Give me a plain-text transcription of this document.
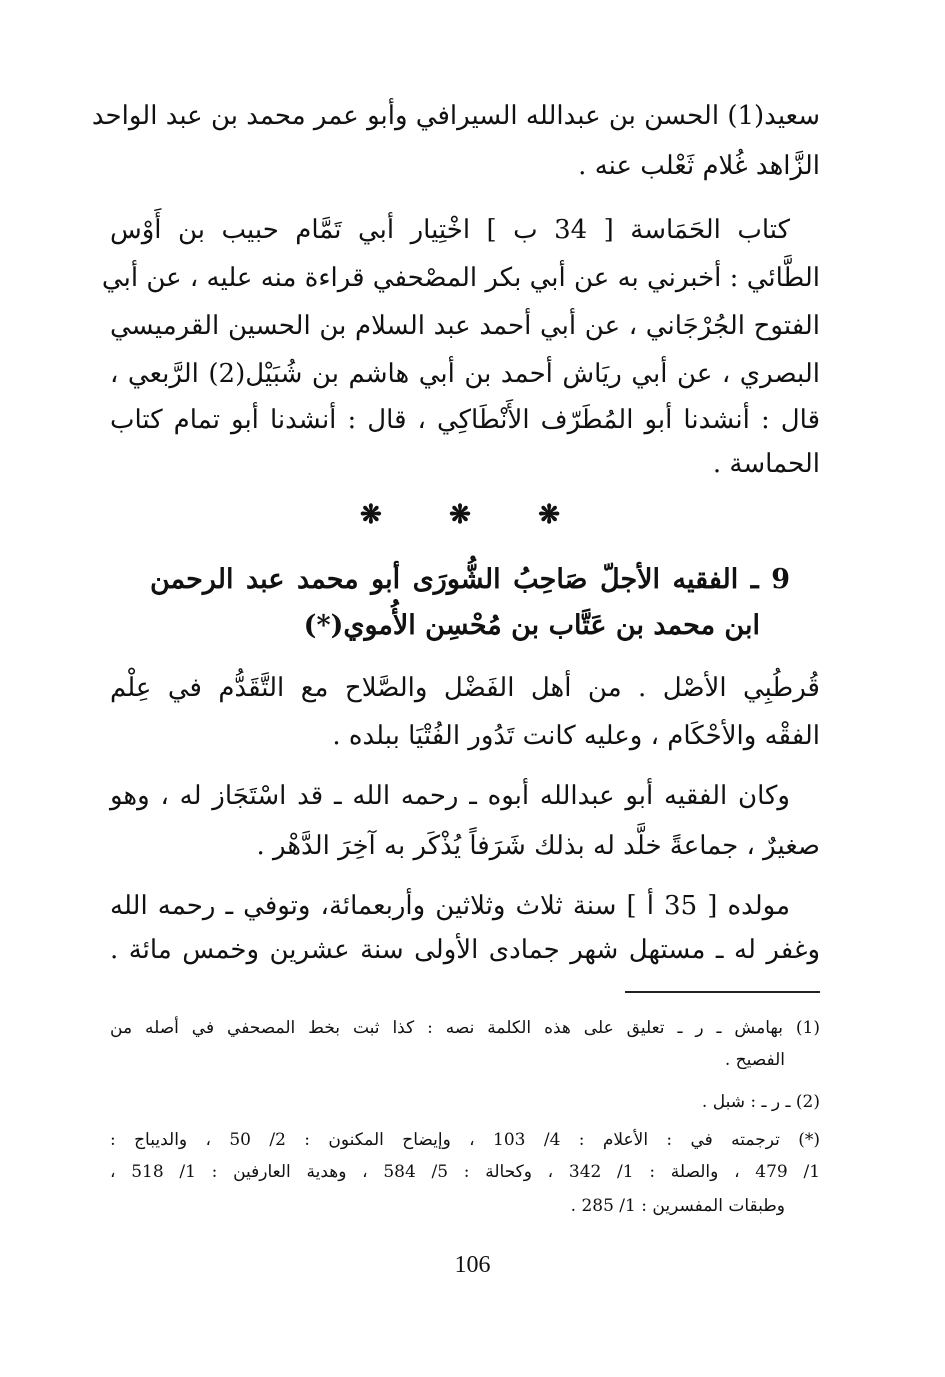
سعيد(1) الحسن بن عبدالله السيرافي وأبو عمر محمد بن عبد الواحد
الزَّاهد غُلام ثَعْلب عنه .
كتاب الحَمَاسة [ 34 ب ] اخْتِيار أبي تَمَّام حبيب بن أَوْس
الطَّائي : أخبرني به عن أبي بكر المصْحفي قراءة منه عليه ، عن أبي
الفتوح الجُرْجَاني ، عن أبي أحمد عبد السلام بن الحسين القرميسي
البصري ، عن أبي ريَاش أحمد بن أبي هاشم بن شُبَيْل(2) الرَّبعي ،
قال : أنشدنا أبو المُطَرّف الأَنْطَاكِي ، قال : أنشدنا أبو تمام كتاب
الحماسة .
❋	❋	❋
9 ـ الفقيه الأجلّ صَاحِبُ الشُّورَى أبو محمد عبد الرحمن
ابن محمد بن عَتَّاب بن مُحْسِن الأُموي(*)
قُرطُبِي الأصْل . من أهل الفَضْل والصَّلاح مع التَّقَدُّم في عِلْم
الفقْه والأحْكَام ، وعليه كانت تَدُور الفُتْيَا ببلده .
وكان الفقيه أبو عبدالله أبوه ـ رحمه الله ـ قد اسْتَجَاز له ، وهو
صغيرٌ ، جماعةً خلَّد له بذلك شَرَفاً يُذْكَر به آخِرَ الدَّهْر .
مولده [ 35 أ ] سنة ثلاث وثلاثين وأربعمائة، وتوفي ـ رحمه الله
وغفر له ـ مستهل شهر جمادى الأولى سنة عشرين وخمس مائة .
(1) بهامش ـ ر ـ تعليق على هذه الكلمة نصه : كذا ثبت بخط المصحفي في أصله من
الفصيح .
(2) ـ ر ـ : شبل .
(*) ترجمته في : الأعلام : 4/ 103 ، وإيضاح المكنون : 2/ 50 ، والديباج :
1/ 479 ، والصلة : 1/ 342 ، وكحالة : 5/ 584 ، وهدية العارفين : 1/ 518 ،
وطبقات المفسرين : 1/ 285 .
106
